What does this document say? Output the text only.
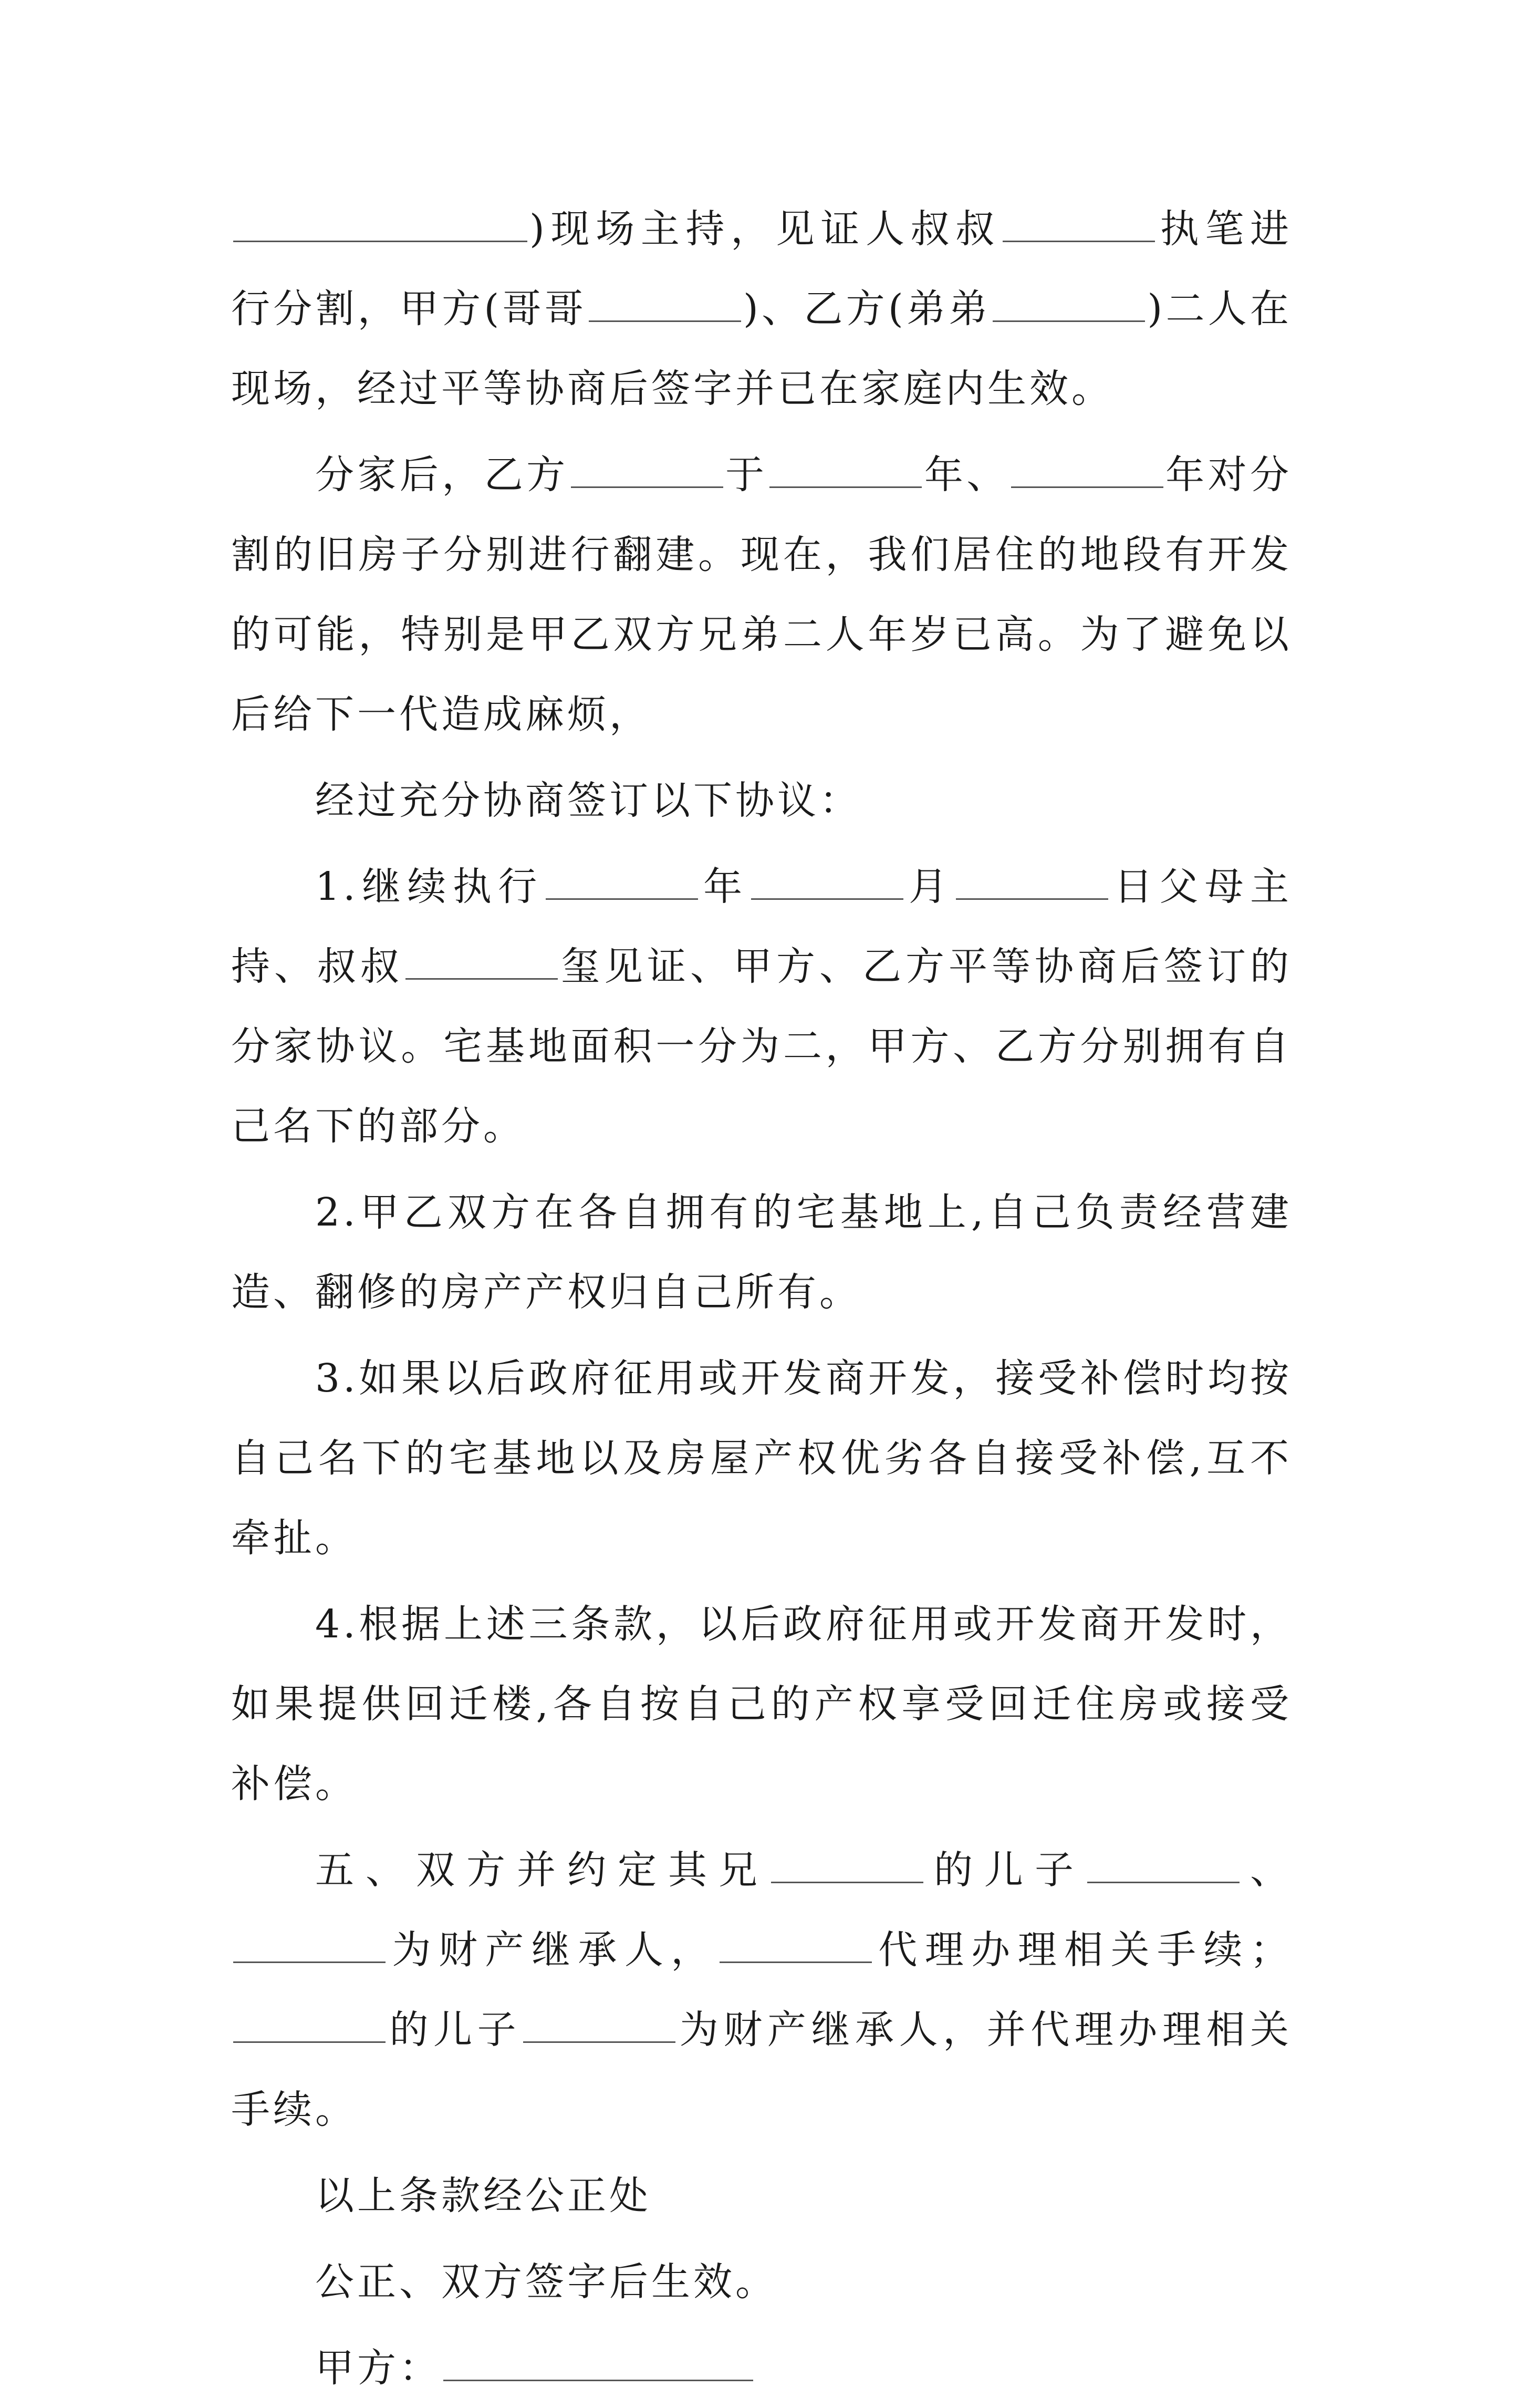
)现场主持，见证人叔叔	执笔进行分割，甲方(哥哥	)、乙方(弟弟	)二人在现场，经过平等协商后签字并已在家庭内生效。

分家后，乙方	于	年、	年对分割的旧房子分别进行翻建。现在，我们居住的地段有开发的可能，特别是甲乙双方兄弟二人年岁已高。为了避免以后给下一代造成麻烦，

经过充分协商签订以下协议：

1.继续执行	年	月	日父母主持、叔叔	玺见证、甲方、乙方平等协商后签订的分家协议。宅基地面积一分为二，甲方、乙方分别拥有自己名下的部分。

2.甲乙双方在各自拥有的宅基地上,自己负责经营建造、翻修的房产产权归自己所有。

3.如果以后政府征用或开发商开发，接受补偿时均按自己名下的宅基地以及房屋产权优劣各自接受补偿,互不牵扯。

4.根据上述三条款，以后政府征用或开发商开发时，如果提供回迁楼,各自按自己的产权享受回迁住房或接受补偿。

五、双方并约定其兄	的儿子	、为财产继承人，	代理办理相关手续；的儿子	为财产继承人，并代理办理相关手续。

以上条款经公正处

公正、双方签字后生效。

甲方：
